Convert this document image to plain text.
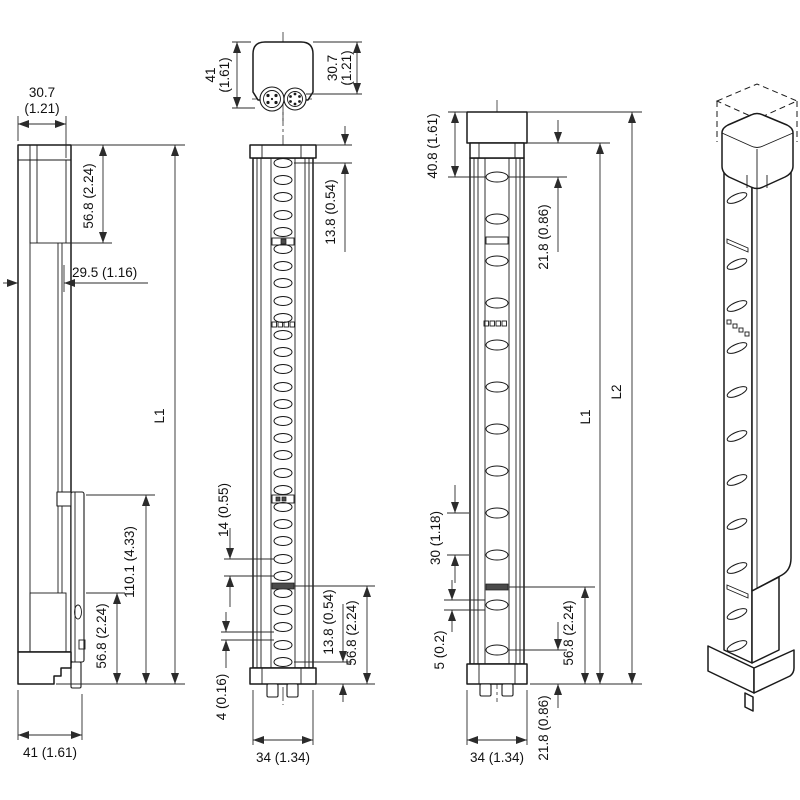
41 (1.61)	30.7 (1.21)
30.7
(1.21)
56.8 (2.24)
29.5 (1.16)
L1
110.1 (4.33)
56.8 (2.24)
41 (1.61)
13.8 (0.54)
14 (0.55)
4 (0.16)
13.8 (0.54) 56.8 (2.24)
34 (1.34)
40.8 (1.61)
21.8 (0.86)
30 (1.18)
5 (0.2)	56.8 (2.24)
21.8 (0.86)
L1
L2
34 (1.34)
